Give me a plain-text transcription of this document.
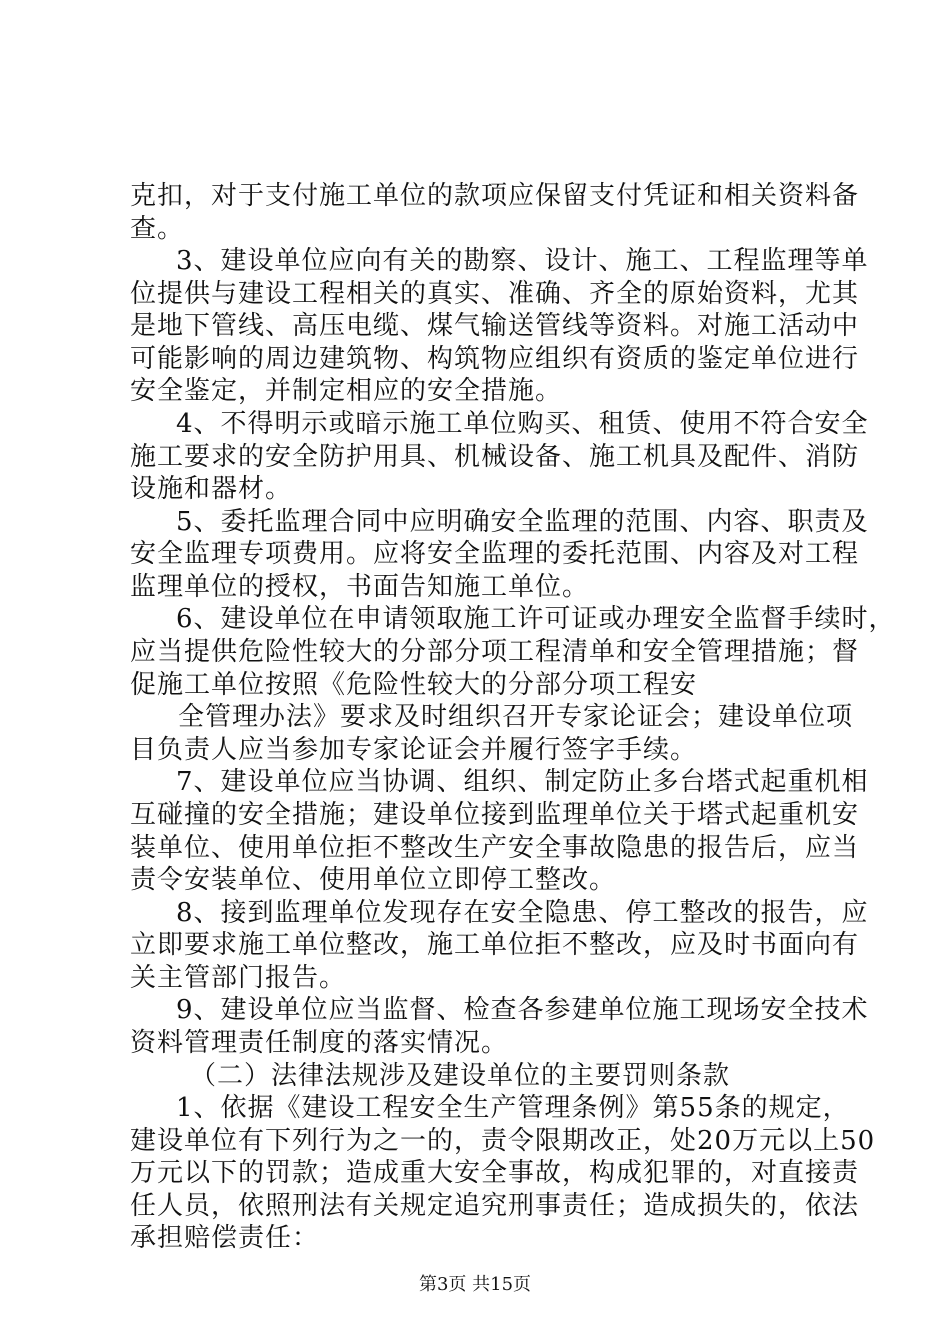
克扣，对于支付施工单位的款项应保留支付凭证和相关资料备
查。
3、建设单位应向有关的勘察、设计、施工、工程监理等单
位提供与建设工程相关的真实、准确、齐全的原始资料，尤其
是地下管线、高压电缆、煤气输送管线等资料。对施工活动中
可能影响的周边建筑物、构筑物应组织有资质的鉴定单位进行
安全鉴定，并制定相应的安全措施。
4、不得明示或暗示施工单位购买、租赁、使用不符合安全
施工要求的安全防护用具、机械设备、施工机具及配件、消防
设施和器材。
5、委托监理合同中应明确安全监理的范围、内容、职责及
安全监理专项费用。应将安全监理的委托范围、内容及对工程
监理单位的授权，书面告知施工单位。
6、建设单位在申请领取施工许可证或办理安全监督手续时，
应当提供危险性较大的分部分项工程清单和安全管理措施；督
促施工单位按照《危险性较大的分部分项工程安
全管理办法》要求及时组织召开专家论证会；建设单位项
目负责人应当参加专家论证会并履行签字手续。
7、建设单位应当协调、组织、制定防止多台塔式起重机相
互碰撞的安全措施；建设单位接到监理单位关于塔式起重机安
装单位、使用单位拒不整改生产安全事故隐患的报告后，应当
责令安装单位、使用单位立即停工整改。
8、接到监理单位发现存在安全隐患、停工整改的报告，应
立即要求施工单位整改，施工单位拒不整改，应及时书面向有
关主管部门报告。
9、建设单位应当监督、检查各参建单位施工现场安全技术
资料管理责任制度的落实情况。
（二）法律法规涉及建设单位的主要罚则条款
1、依据《建设工程安全生产管理条例》第55条的规定，
建设单位有下列行为之一的，责令限期改正，处20万元以上50
万元以下的罚款；造成重大安全事故，构成犯罪的，对直接责
任人员，依照刑法有关规定追究刑事责任；造成损失的，依法
承担赔偿责任：
第3页 共15页
